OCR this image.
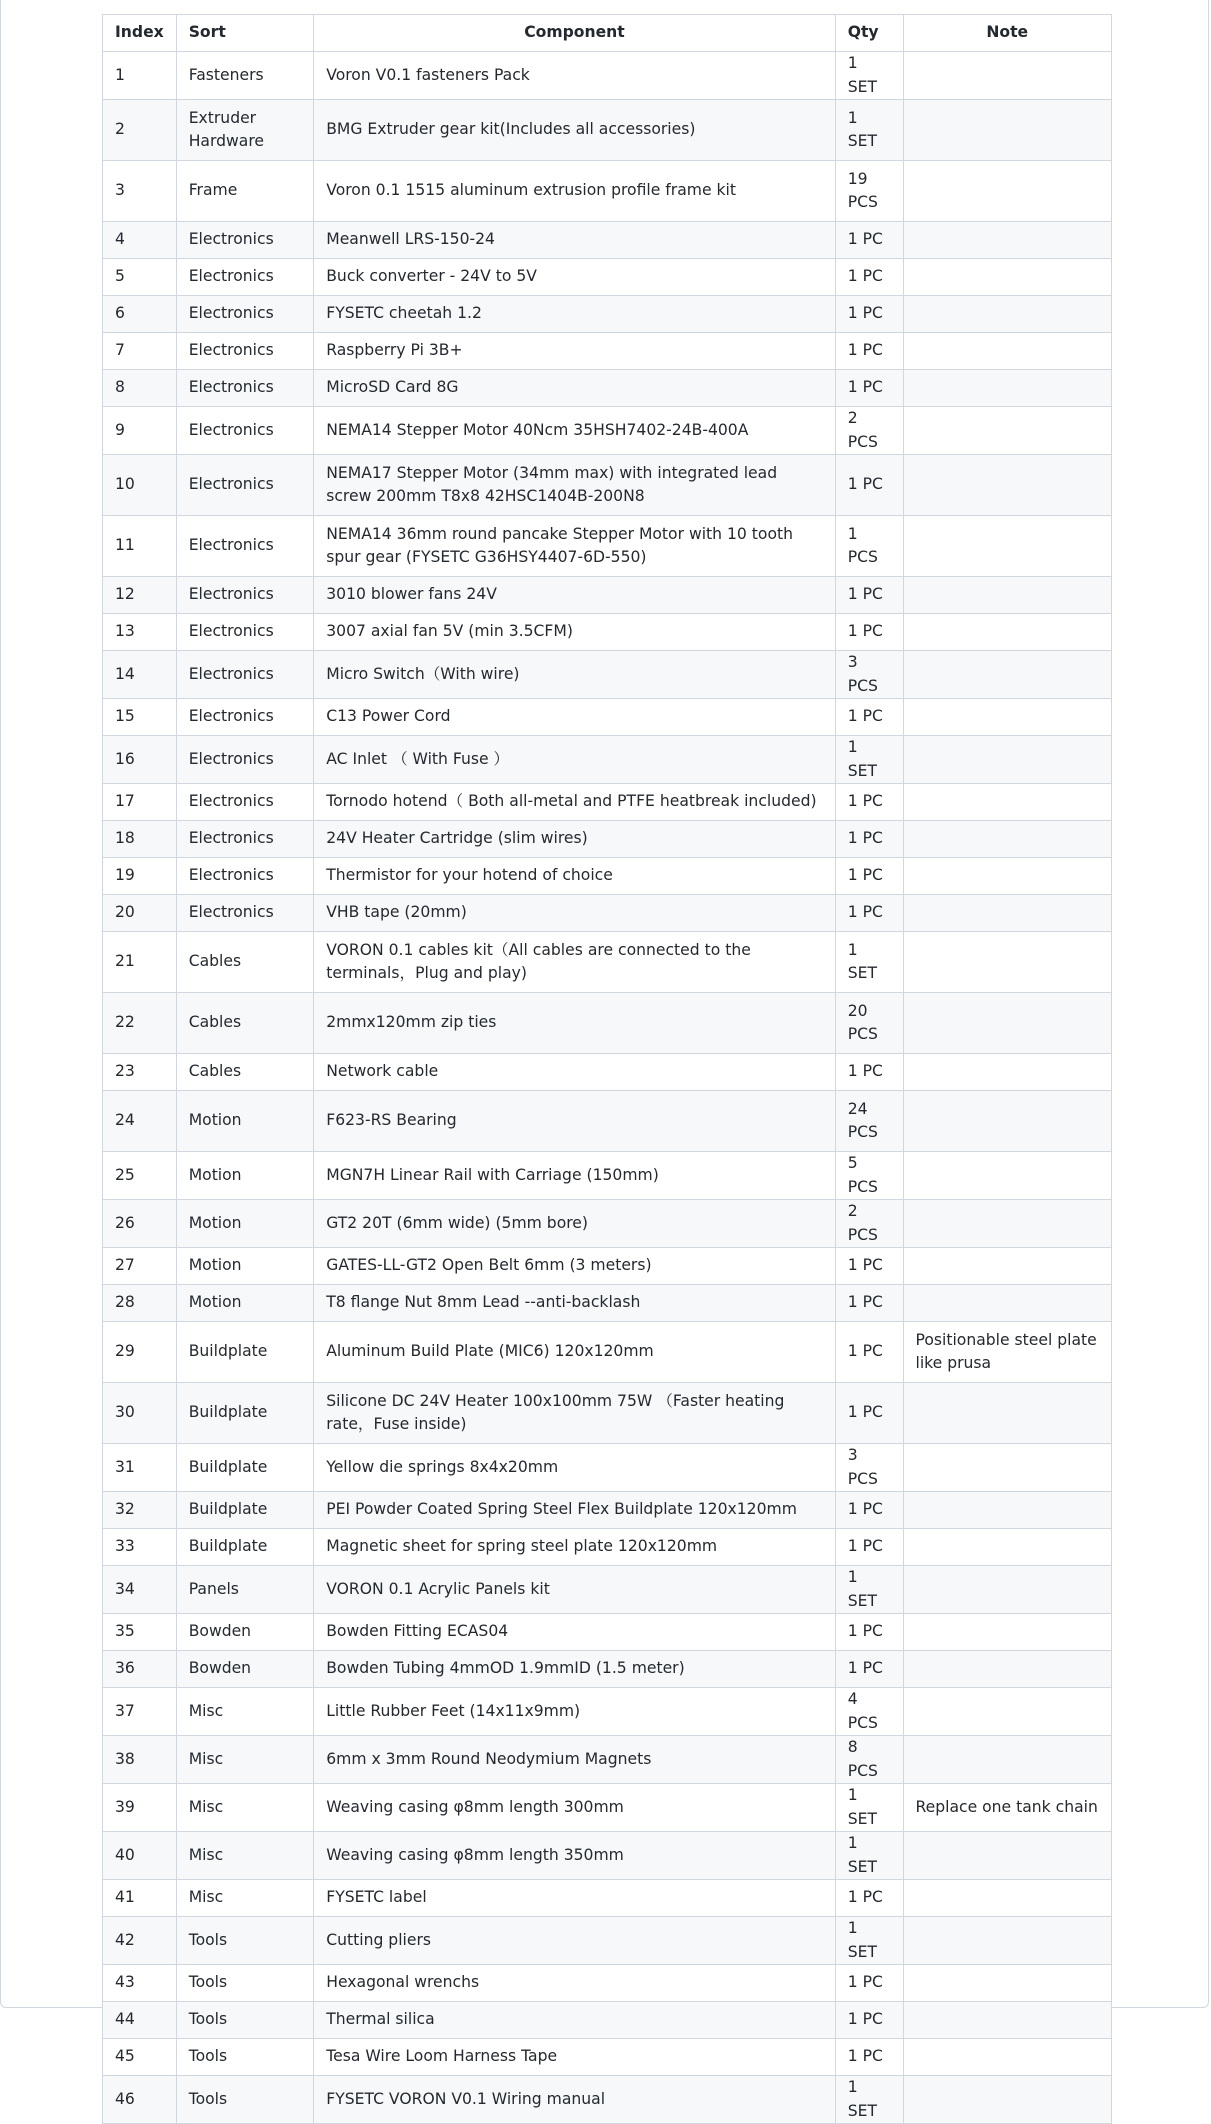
Index	Sort	Component	Qty	Note
1	Fasteners	Voron V0.1 fasteners Pack	1 SET	
2	Extruder Hardware	BMG Extruder gear kit(Includes all accessories)	1 SET	
3	Frame	Voron 0.1 1515 aluminum extrusion profile frame kit	19 PCS	
4	Electronics	Meanwell LRS-150-24	1 PC	
5	Electronics	Buck converter - 24V to 5V	1 PC	
6	Electronics	FYSETC cheetah 1.2	1 PC	
7	Electronics	Raspberry Pi 3B+	1 PC	
8	Electronics	MicroSD Card 8G	1 PC	
9	Electronics	NEMA14 Stepper Motor 40Ncm 35HSH7402-24B-400A	2 PCS	
10	Electronics	NEMA17 Stepper Motor (34mm max) with integrated lead screw 200mm T8x8 42HSC1404B-200N8	1 PC	
11	Electronics	NEMA14 36mm round pancake Stepper Motor with 10 tooth spur gear (FYSETC G36HSY4407-6D-550)	1 PCS	
12	Electronics	3010 blower fans 24V	1 PC	
13	Electronics	3007 axial fan 5V (min 3.5CFM)	1 PC	
14	Electronics	Micro Switch（With wire)	3 PCS	
15	Electronics	C13 Power Cord	1 PC	
16	Electronics	AC Inlet （ With Fuse ）	1 SET	
17	Electronics	Tornodo hotend（ Both all-metal and PTFE heatbreak included)	1 PC	
18	Electronics	24V Heater Cartridge (slim wires)	1 PC	
19	Electronics	Thermistor for your hotend of choice	1 PC	
20	Electronics	VHB tape (20mm)	1 PC	
21	Cables	VORON 0.1 cables kit（All cables are connected to the terminals，Plug and play)	1 SET	
22	Cables	2mmx120mm zip ties	20 PCS	
23	Cables	Network cable	1 PC	
24	Motion	F623-RS Bearing	24 PCS	
25	Motion	MGN7H Linear Rail with Carriage (150mm)	5 PCS	
26	Motion	GT2 20T (6mm wide) (5mm bore)	2 PCS	
27	Motion	GATES-LL-GT2 Open Belt 6mm (3 meters)	1 PC	
28	Motion	T8 flange Nut 8mm Lead --anti-backlash	1 PC	
29	Buildplate	Aluminum Build Plate (MIC6) 120x120mm	1 PC	Positionable steel plate like prusa
30	Buildplate	Silicone DC 24V Heater 100x100mm 75W （Faster heating rate，Fuse inside)	1 PC	
31	Buildplate	Yellow die springs 8x4x20mm	3 PCS	
32	Buildplate	PEI Powder Coated Spring Steel Flex Buildplate 120x120mm	1 PC	
33	Buildplate	Magnetic sheet for spring steel plate 120x120mm	1 PC	
34	Panels	VORON 0.1 Acrylic Panels kit	1 SET	
35	Bowden	Bowden Fitting ECAS04	1 PC	
36	Bowden	Bowden Tubing 4mmOD 1.9mmID (1.5 meter)	1 PC	
37	Misc	Little Rubber Feet (14x11x9mm)	4 PCS	
38	Misc	6mm x 3mm Round Neodymium Magnets	8 PCS	
39	Misc	Weaving casing φ8mm length 300mm	1 SET	Replace one tank chain
40	Misc	Weaving casing φ8mm length 350mm	1 SET	
41	Misc	FYSETC label	1 PC	
42	Tools	Cutting pliers	1 SET	
43	Tools	Hexagonal wrenchs	1 PC	
44	Tools	Thermal silica	1 PC	
45	Tools	Tesa Wire Loom Harness Tape	1 PC	
46	Tools	FYSETC VORON V0.1 Wiring manual	1 SET	
